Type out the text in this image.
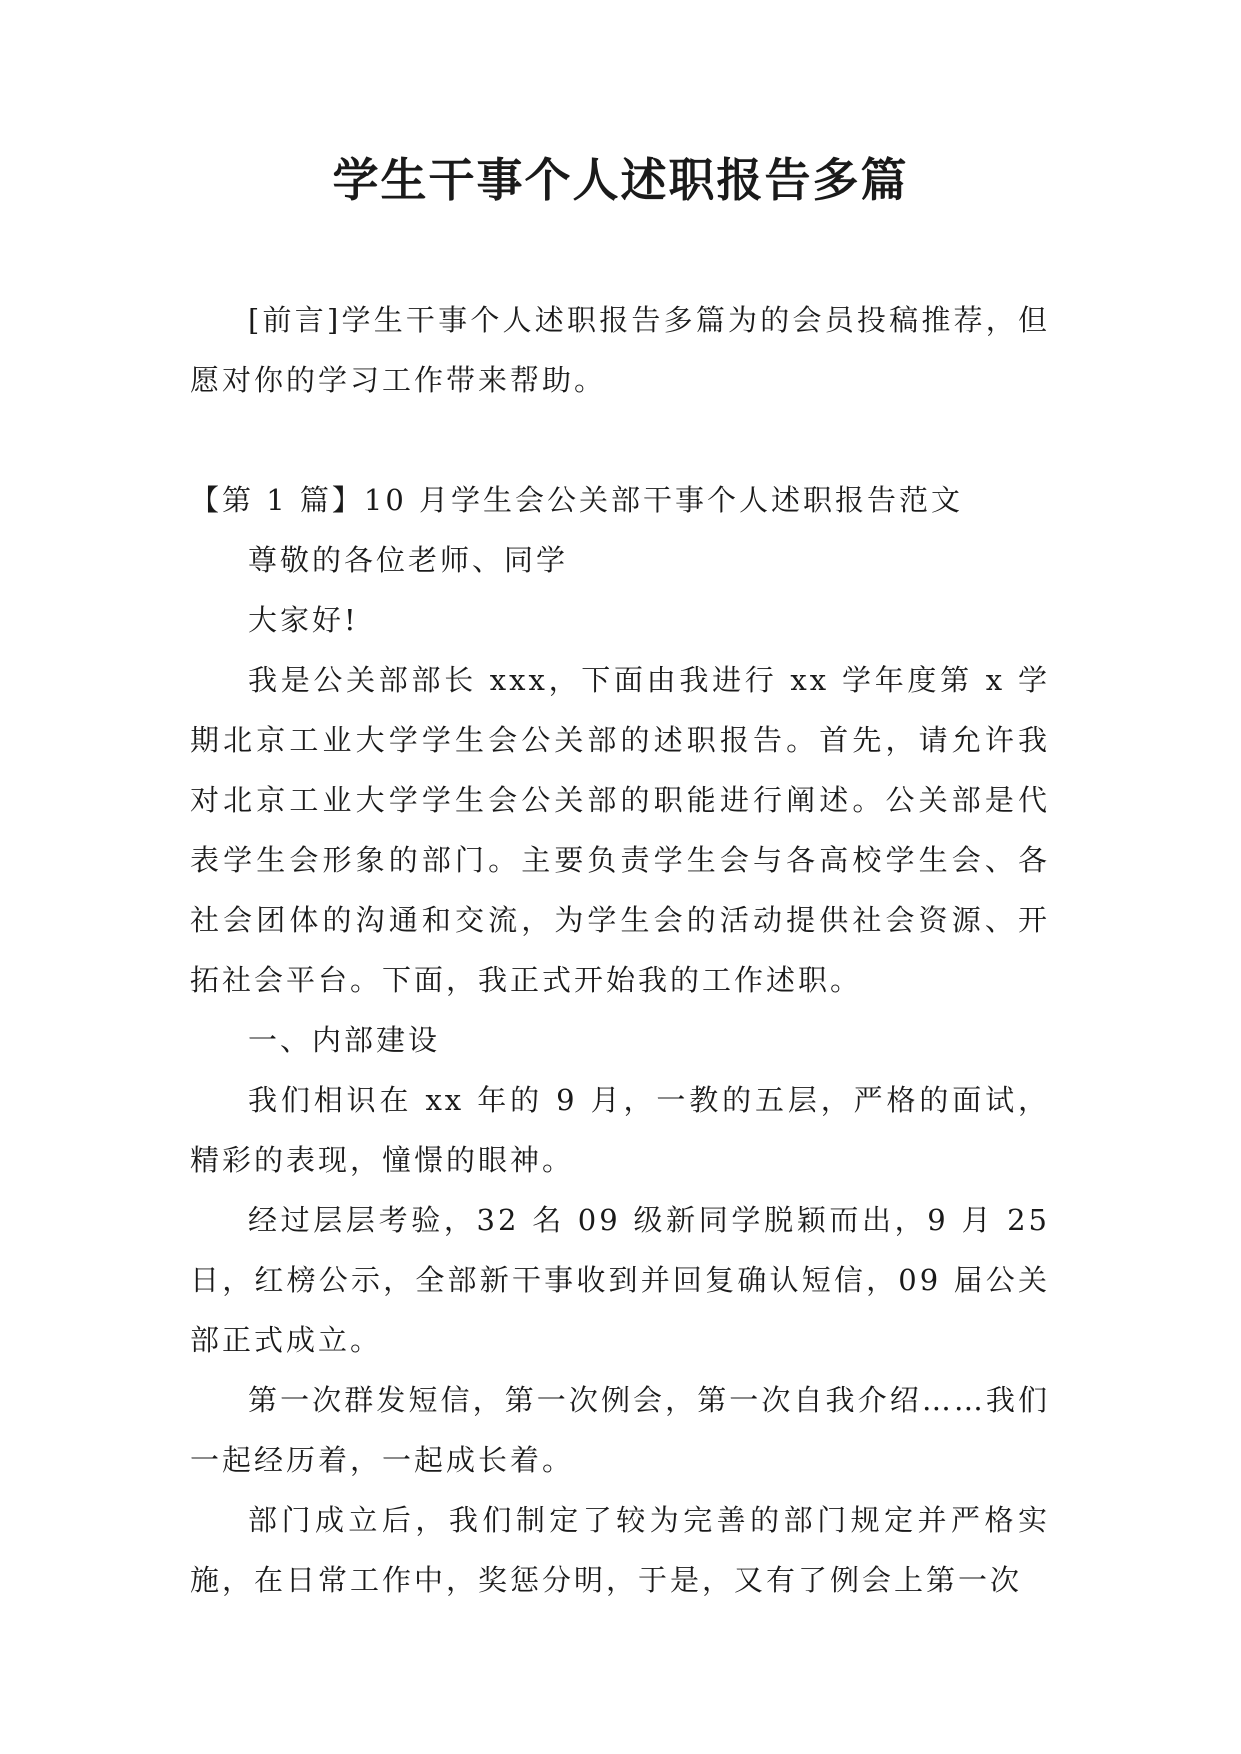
学生干事个人述职报告多篇

[前言]学生干事个人述职报告多篇为的会员投稿推荐，但愿对你的学习工作带来帮助。

【第 1 篇】10 月学生会公关部干事个人述职报告范文

尊敬的各位老师、同学

大家好!

我是公关部部长 xxx，下面由我进行 xx 学年度第 x 学期北京工业大学学生会公关部的述职报告。首先，请允许我对北京工业大学学生会公关部的职能进行阐述。公关部是代表学生会形象的部门。主要负责学生会与各高校学生会、各社会团体的沟通和交流，为学生会的活动提供社会资源、开拓社会平台。下面，我正式开始我的工作述职。

一、内部建设

我们相识在 xx 年的 9 月，一教的五层，严格的面试，精彩的表现，憧憬的眼神。

经过层层考验，32 名 09 级新同学脱颖而出，9 月 25 日，红榜公示，全部新干事收到并回复确认短信，09 届公关部正式成立。

第一次群发短信，第一次例会，第一次自我介绍……我们一起经历着，一起成长着。

部门成立后，我们制定了较为完善的部门规定并严格实施，在日常工作中，奖惩分明，于是，又有了例会上第一次
